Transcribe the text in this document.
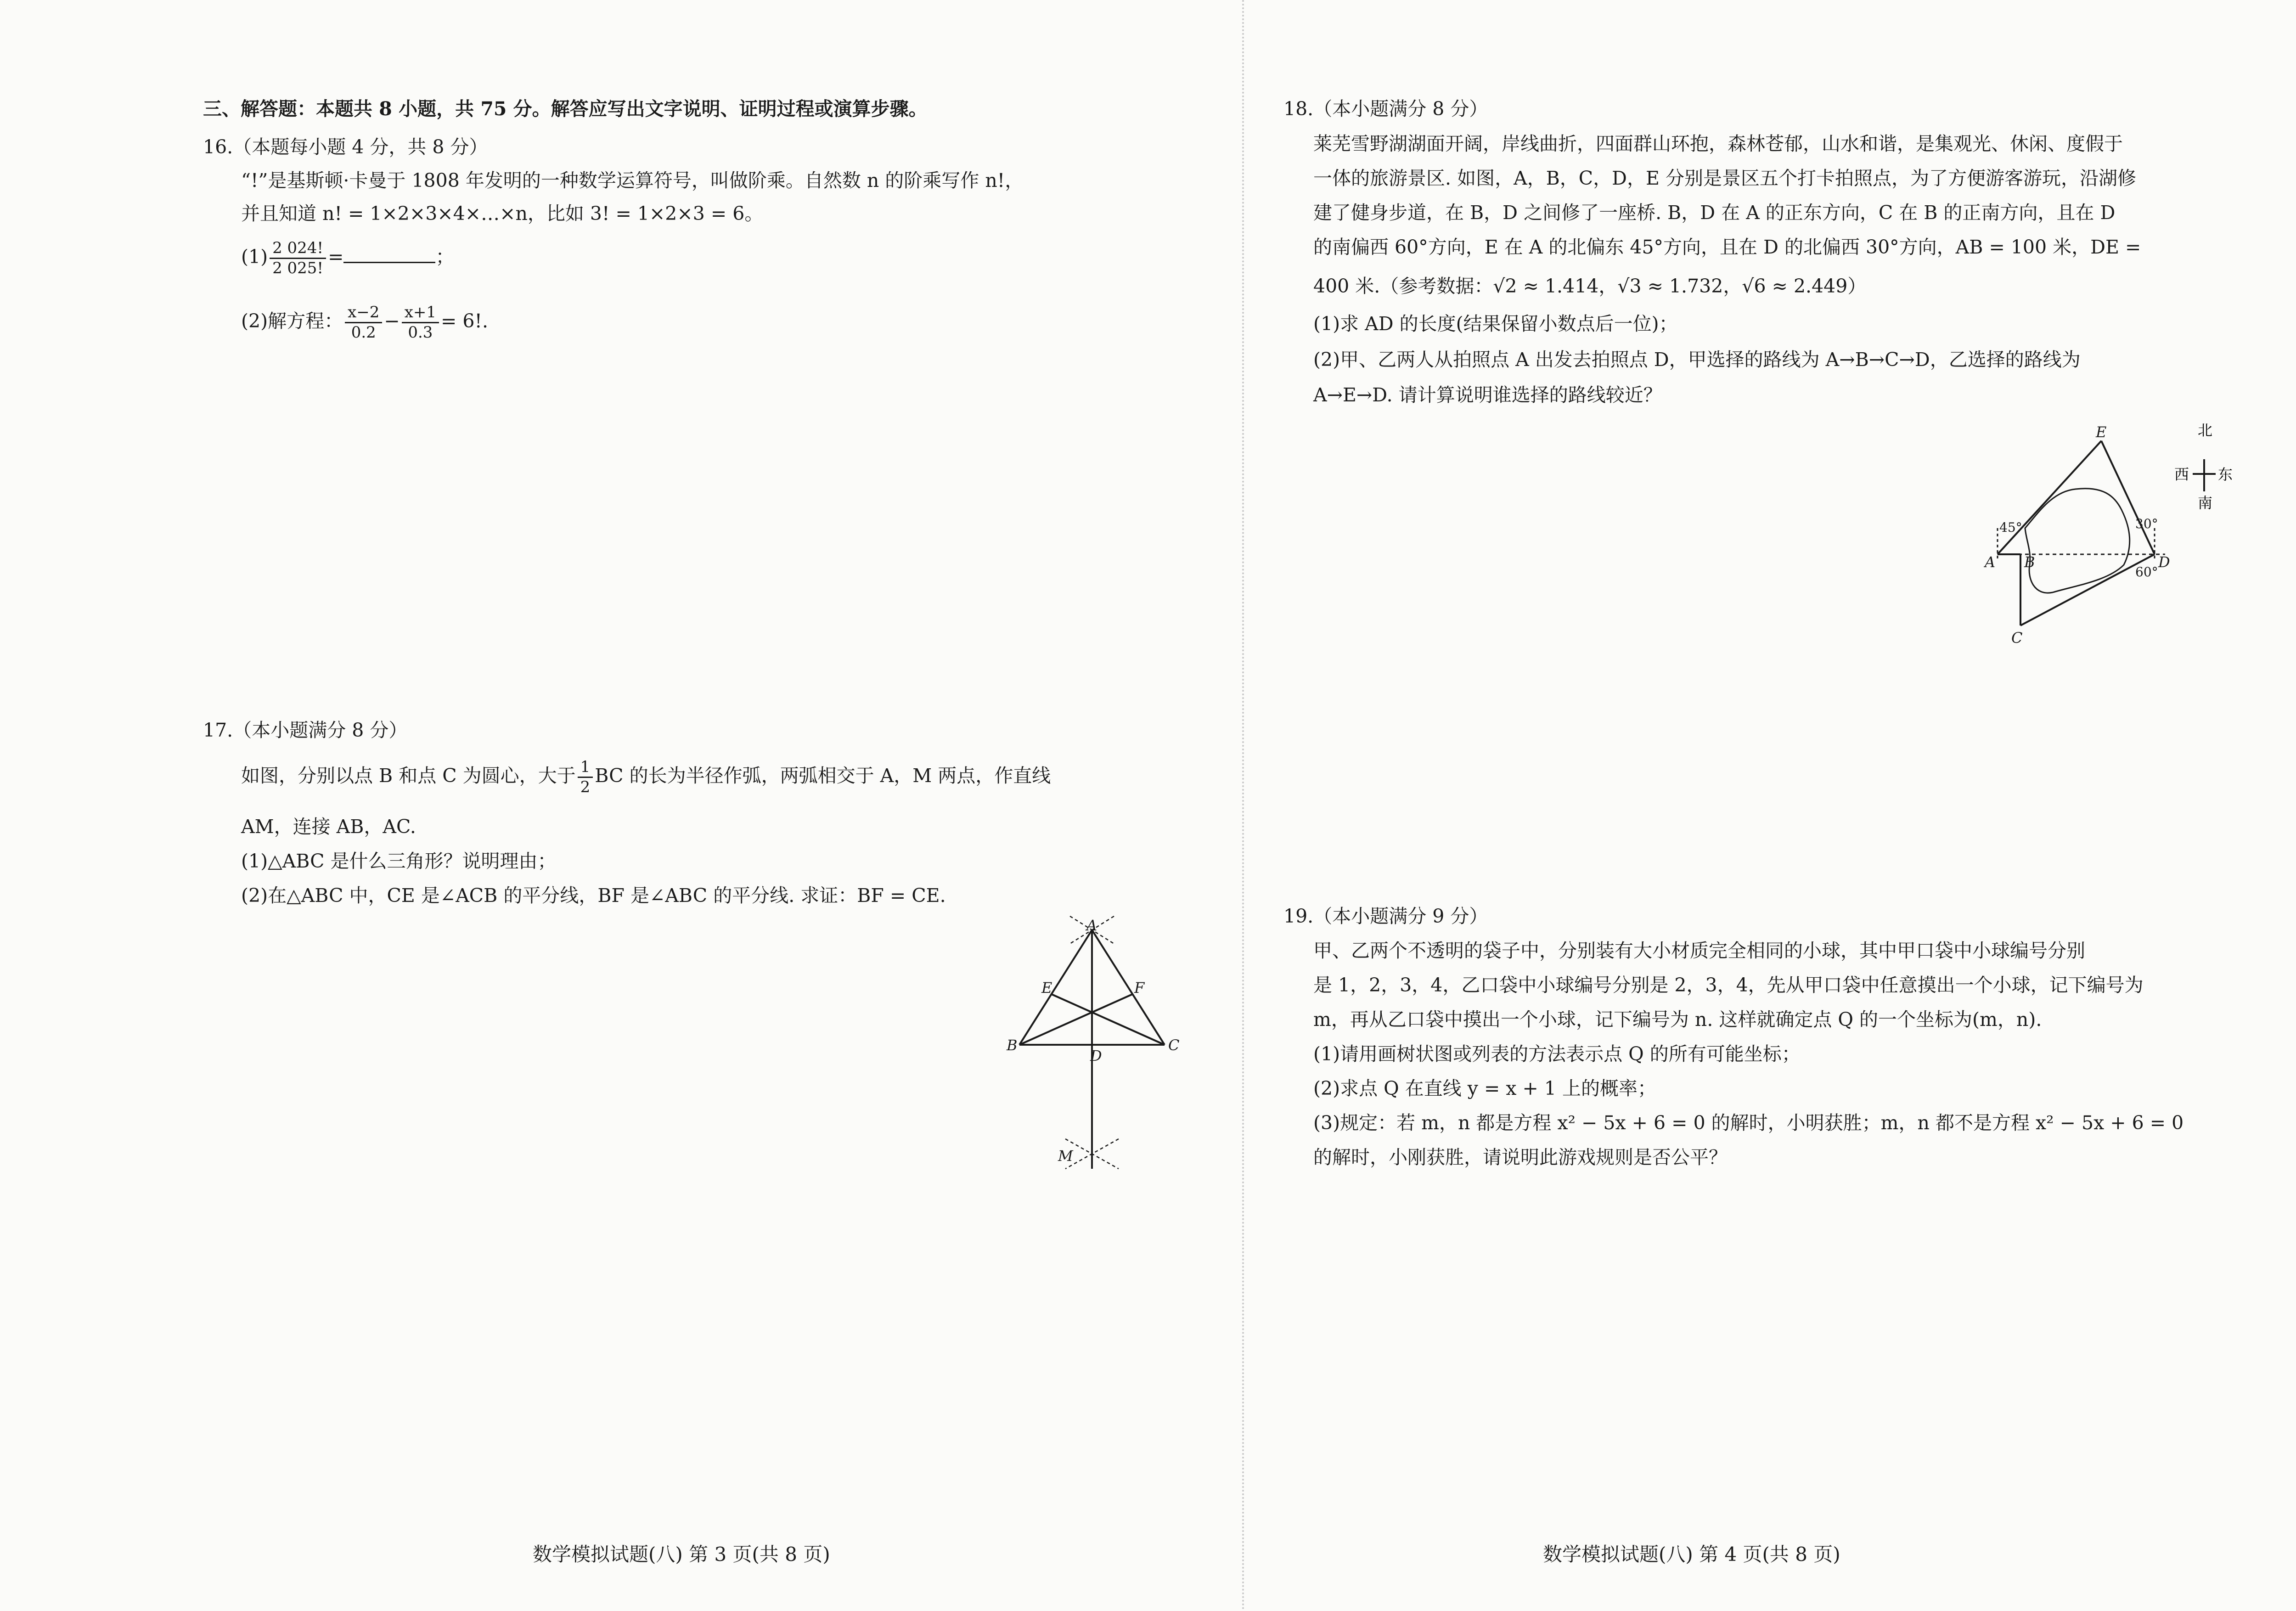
三、解答题：本题共 8 小题，共 75 分。解答应写出文字说明、证明过程或演算步骤。
16.（本题每小题 4 分，共 8 分）
“!”是基斯顿·卡曼于 1808 年发明的一种数学运算符号，叫做阶乘。自然数 n 的阶乘写作 n!，
并且知道 n! = 1×2×3×4×…×n，比如 3! = 1×2×3 = 6。
$(1) \frac{2 024!}{2 025!}$ =	；
(2)解方程： $\frac{x-2}{0.2} - \frac{x+1}{0.3} = 6$!.
17.（本小题满分 8 分）
如图，分别以点 B 和点 C 为圆心，大于 $\frac{1}{2}$ BC 的长为半径作弧，两弧相交于 A，M 两点，作直线
AM，连接 AB，AC.
(1)△ABC 是什么三角形？说明理由；
(2)在△ABC 中，CE 是∠ACB 的平分线，BF 是∠ABC 的平分线. 求证：BF = CE.
A
E	F
B
D
C
M
数学模拟试题(八) 第 3 页(共 8 页)
18.（本小题满分 8 分）
莱芜雪野湖湖面开阔，岸线曲折，四面群山环抱，森林苍郁，山水和谐，是集观光、休闲、度假于
一体的旅游景区. 如图，A，B，C，D，E 分别是景区五个打卡拍照点，为了方便游客游玩，沿湖修
建了健身步道，在 B，D 之间修了一座桥. B，D 在 A 的正东方向，C 在 B 的正南方向，且在 D
的南偏西 60°方向，E 在 A 的北偏东 45°方向，且在 D 的北偏西 30°方向，AB = 100 米，DE =
400 米.（参考数据：√2 ≈ 1.414，√3 ≈ 1.732，√6 ≈ 2.449）
(1)求 AD 的长度(结果保留小数点后一位)；
(2)甲、乙两人从拍照点 A 出发去拍照点 D，甲选择的路线为 A→B→C→D，乙选择的路线为
A→E→D. 请计算说明谁选择的路线较近？
E
A B	D
C
45°	30°
60°
北
南
东
西
19.（本小题满分 9 分）
甲、乙两个不透明的袋子中，分别装有大小材质完全相同的小球，其中甲口袋中小球编号分别
是 1，2，3，4，乙口袋中小球编号分别是 2，3，4，先从甲口袋中任意摸出一个小球，记下编号为
m，再从乙口袋中摸出一个小球，记下编号为 n. 这样就确定点 Q 的一个坐标为(m，n).
(1)请用画树状图或列表的方法表示点 Q 的所有可能坐标；
(2)求点 Q 在直线 y = x + 1 上的概率；
(3)规定：若 m，n 都是方程 x² − 5x + 6 = 0 的解时，小明获胜；m，n 都不是方程 x² − 5x + 6 = 0
的解时，小刚获胜，请说明此游戏规则是否公平？
数学模拟试题(八) 第 4 页(共 8 页)
